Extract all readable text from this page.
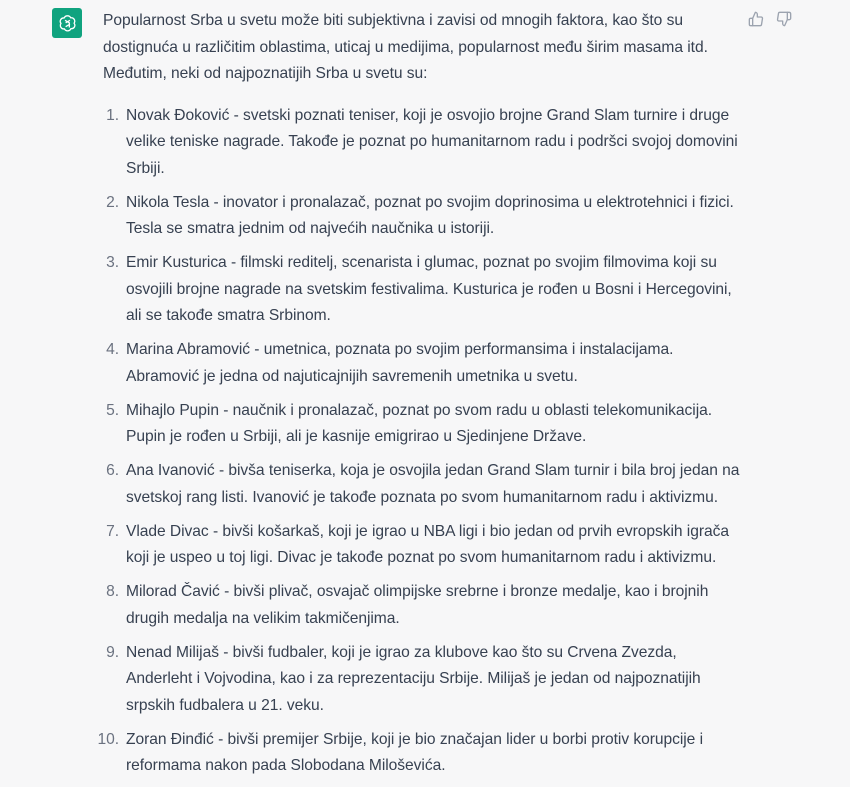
Popularnost Srba u svetu može biti subjektivna i zavisi od mnogih faktora, kao što su dostignuća u različitim oblastima, uticaj u medijima, popularnost među širim masama itd. Međutim, neki od najpoznatijih Srba u svetu su:

1. Novak Đoković - svetski poznati teniser, koji je osvojio brojne Grand Slam turnire i druge velike teniske nagrade. Takođe je poznat po humanitarnom radu i podršci svojoj domovini Srbiji.
2. Nikola Tesla - inovator i pronalazač, poznat po svojim doprinosima u elektrotehnici i fizici. Tesla se smatra jednim od najvećih naučnika u istoriji.
3. Emir Kusturica - filmski reditelj, scenarista i glumac, poznat po svojim filmovima koji su osvojili brojne nagrade na svetskim festivalima. Kusturica je rođen u Bosni i Hercegovini, ali se takođe smatra Srbinom.
4. Marina Abramović - umetnica, poznata po svojim performansima i instalacijama. Abramović je jedna od najuticajnijih savremenih umetnika u svetu.
5. Mihajlo Pupin - naučnik i pronalazač, poznat po svom radu u oblasti telekomunikacija. Pupin je rođen u Srbiji, ali je kasnije emigrirao u Sjedinjene Države.
6. Ana Ivanović - bivša teniserka, koja je osvojila jedan Grand Slam turnir i bila broj jedan na svetskoj rang listi. Ivanović je takođe poznata po svom humanitarnom radu i aktivizmu.
7. Vlade Divac - bivši košarkaš, koji je igrao u NBA ligi i bio jedan od prvih evropskih igrača koji je uspeo u toj ligi. Divac je takođe poznat po svom humanitarnom radu i aktivizmu.
8. Milorad Čavić - bivši plivač, osvajač olimpijske srebrne i bronze medalje, kao i brojnih drugih medalja na velikim takmičenjima.
9. Nenad Milijaš - bivši fudbaler, koji je igrao za klubove kao što su Crvena Zvezda, Anderleht i Vojvodina, kao i za reprezentaciju Srbije. Milijaš je jedan od najpoznatijih srpskih fudbalera u 21. veku.
10. Zoran Đinđić - bivši premijer Srbije, koji je bio značajan lider u borbi protiv korupcije i reformama nakon pada Slobodana Miloševića.
